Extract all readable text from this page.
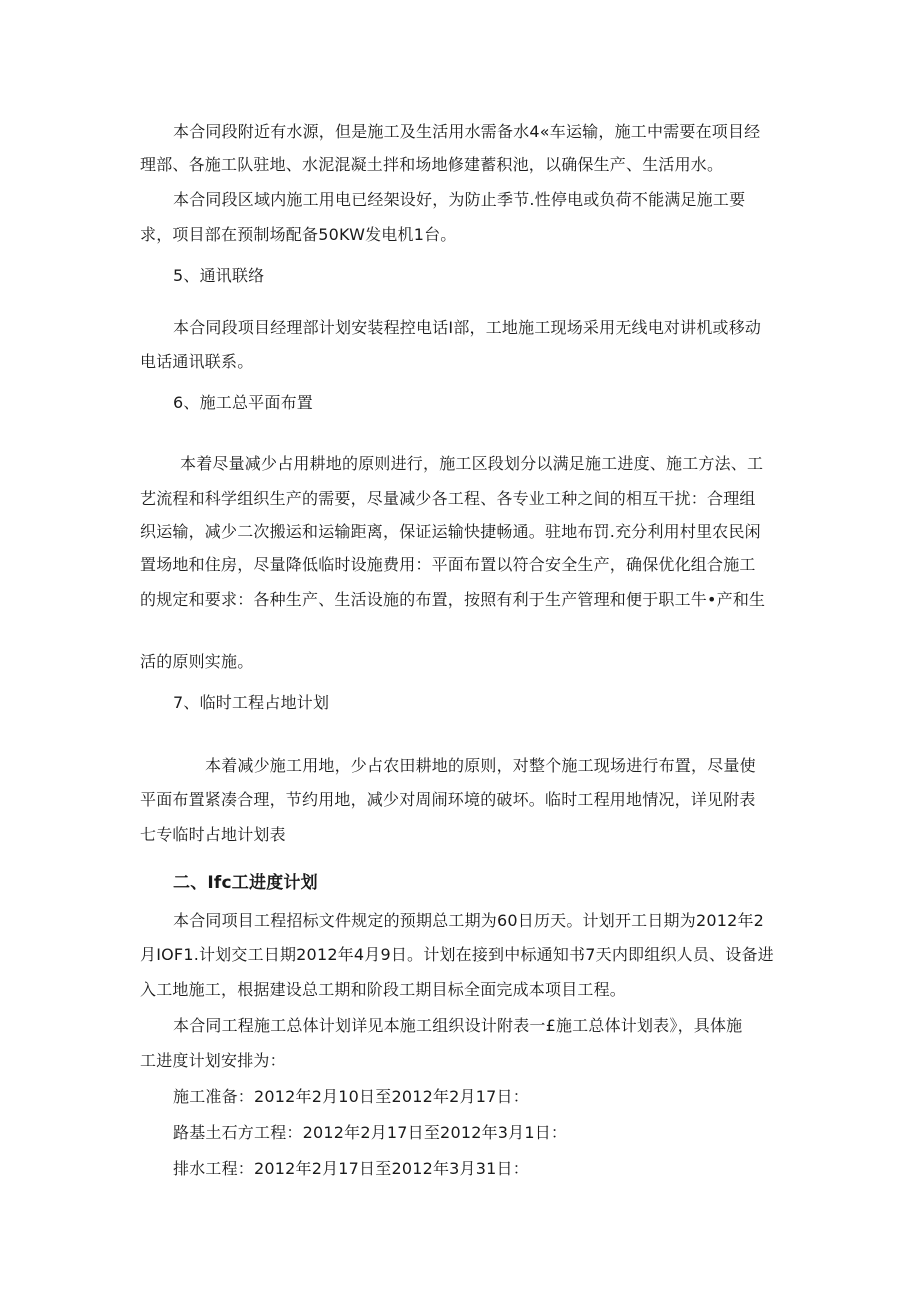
本合同段附近有水源，但是施工及生活用水需备水4«车运输，施工中需要在项目经
理部、各施工队驻地、水泥混凝土拌和场地修建蓄积池，以确保生产、生活用水。
本合同段区域内施工用电已经架设好，为防止季节.性停电或负荷不能满足施工要
求，项目部在预制场配备50KW发电机1台。
5、通讯联络
本合同段项目经理部计划安装程控电话I部，工地施工现场采用无线电对讲机或移动
电话通讯联系。
6、施工总平面布置
本着尽量减少占用耕地的原则进行，施工区段划分以满足施工进度、施工方法、工
艺流程和科学组织生产的需要，尽量减少各工程、各专业工种之间的相互干扰：合理组
织运输，减少二次搬运和运输距离，保证运输快捷畅通。驻地布罚.充分利用村里农民闲
置场地和住房，尽量降低临时设施费用：平面布置以符合安全生产，确保优化组合施工
的规定和要求：各种生产、生活设施的布置，按照有利于生产管理和便于职工牛•产和生
活的原则实施。
7、临时工程占地计划
本着减少施工用地，少占农田耕地的原则，对整个施工现场进行布置，尽量使
平面布置紧凑合理，节约用地，减少对周闹环境的破坏。临时工程用地情况，详见附表
七专临时占地计划表
二、Ifc工进度计划
本合同项目工程招标文件规定的预期总工期为60日历天。计划开工日期为2012年2
月IOF1.计划交工日期2012年4月9日。计划在接到中标通知书7天内即组织人员、设备进
入工地施工，根据建设总工期和阶段工期目标全面完成本项目工程。
本合同工程施工总体计划详见本施工组织设计附表一£施工总体计划表》，具体施
工进度计划安排为：
施工准备：2012年2月10日至2012年2月17日：
路基土石方工程：2012年2月17日至2012年3月1日：
排水工程：2012年2月17日至2012年3月31日：
